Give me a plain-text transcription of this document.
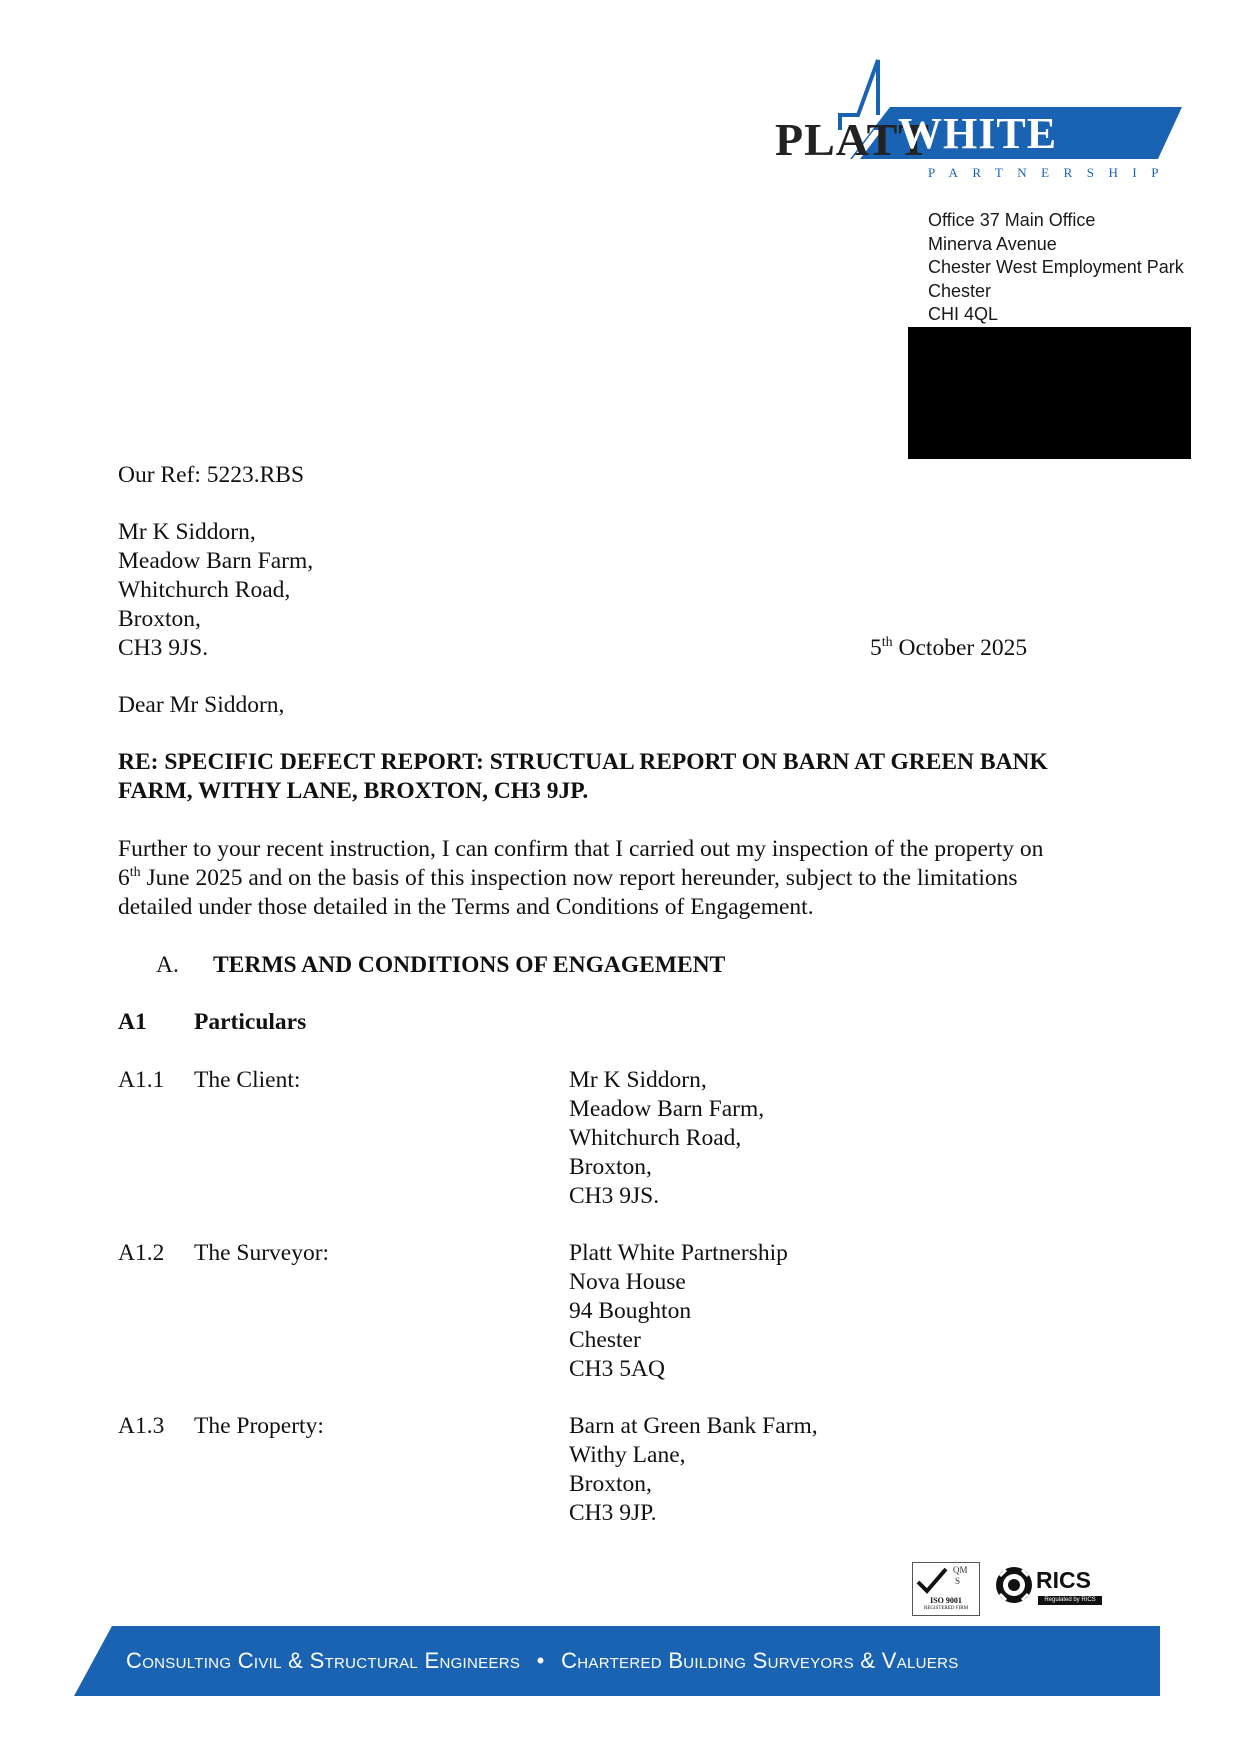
PLATT
WHITE
PARTNERSHIP
Office 37 Main Office
Minerva Avenue
Chester West Employment Park
Chester
CHI 4QL
Our Ref: 5223.RBS
Mr K Siddorn,
Meadow Barn Farm,
Whitchurch Road,
Broxton,
CH3 9JS.	5th October 2025
Dear Mr Siddorn,
RE: SPECIFIC DEFECT REPORT: STRUCTUAL REPORT ON BARN AT GREEN BANK
FARM, WITHY LANE, BROXTON, CH3 9JP.
Further to your recent instruction, I can confirm that I carried out my inspection of the property on
6th June 2025 and on the basis of this inspection now report hereunder, subject to the limitations
detailed under those detailed in the Terms and Conditions of Engagement.
A. TERMS AND CONDITIONS OF ENGAGEMENT
A1 Particulars
A1.1 The Client:	Mr K Siddorn,
Meadow Barn Farm,
Whitchurch Road,
Broxton,
CH3 9JS.
A1.2 The Surveyor:	Platt White Partnership
Nova House
94 Boughton
Chester
CH3 5AQ
A1.3 The Property:	Barn at Green Bank Farm,
Withy Lane,
Broxton,
CH3 9JP.
QM
S
ISO 9001
REGISTERED FIRM
RICS
Regulated by RICS
Consulting Civil & Structural Engineers • Chartered Building Surveyors & Valuers
